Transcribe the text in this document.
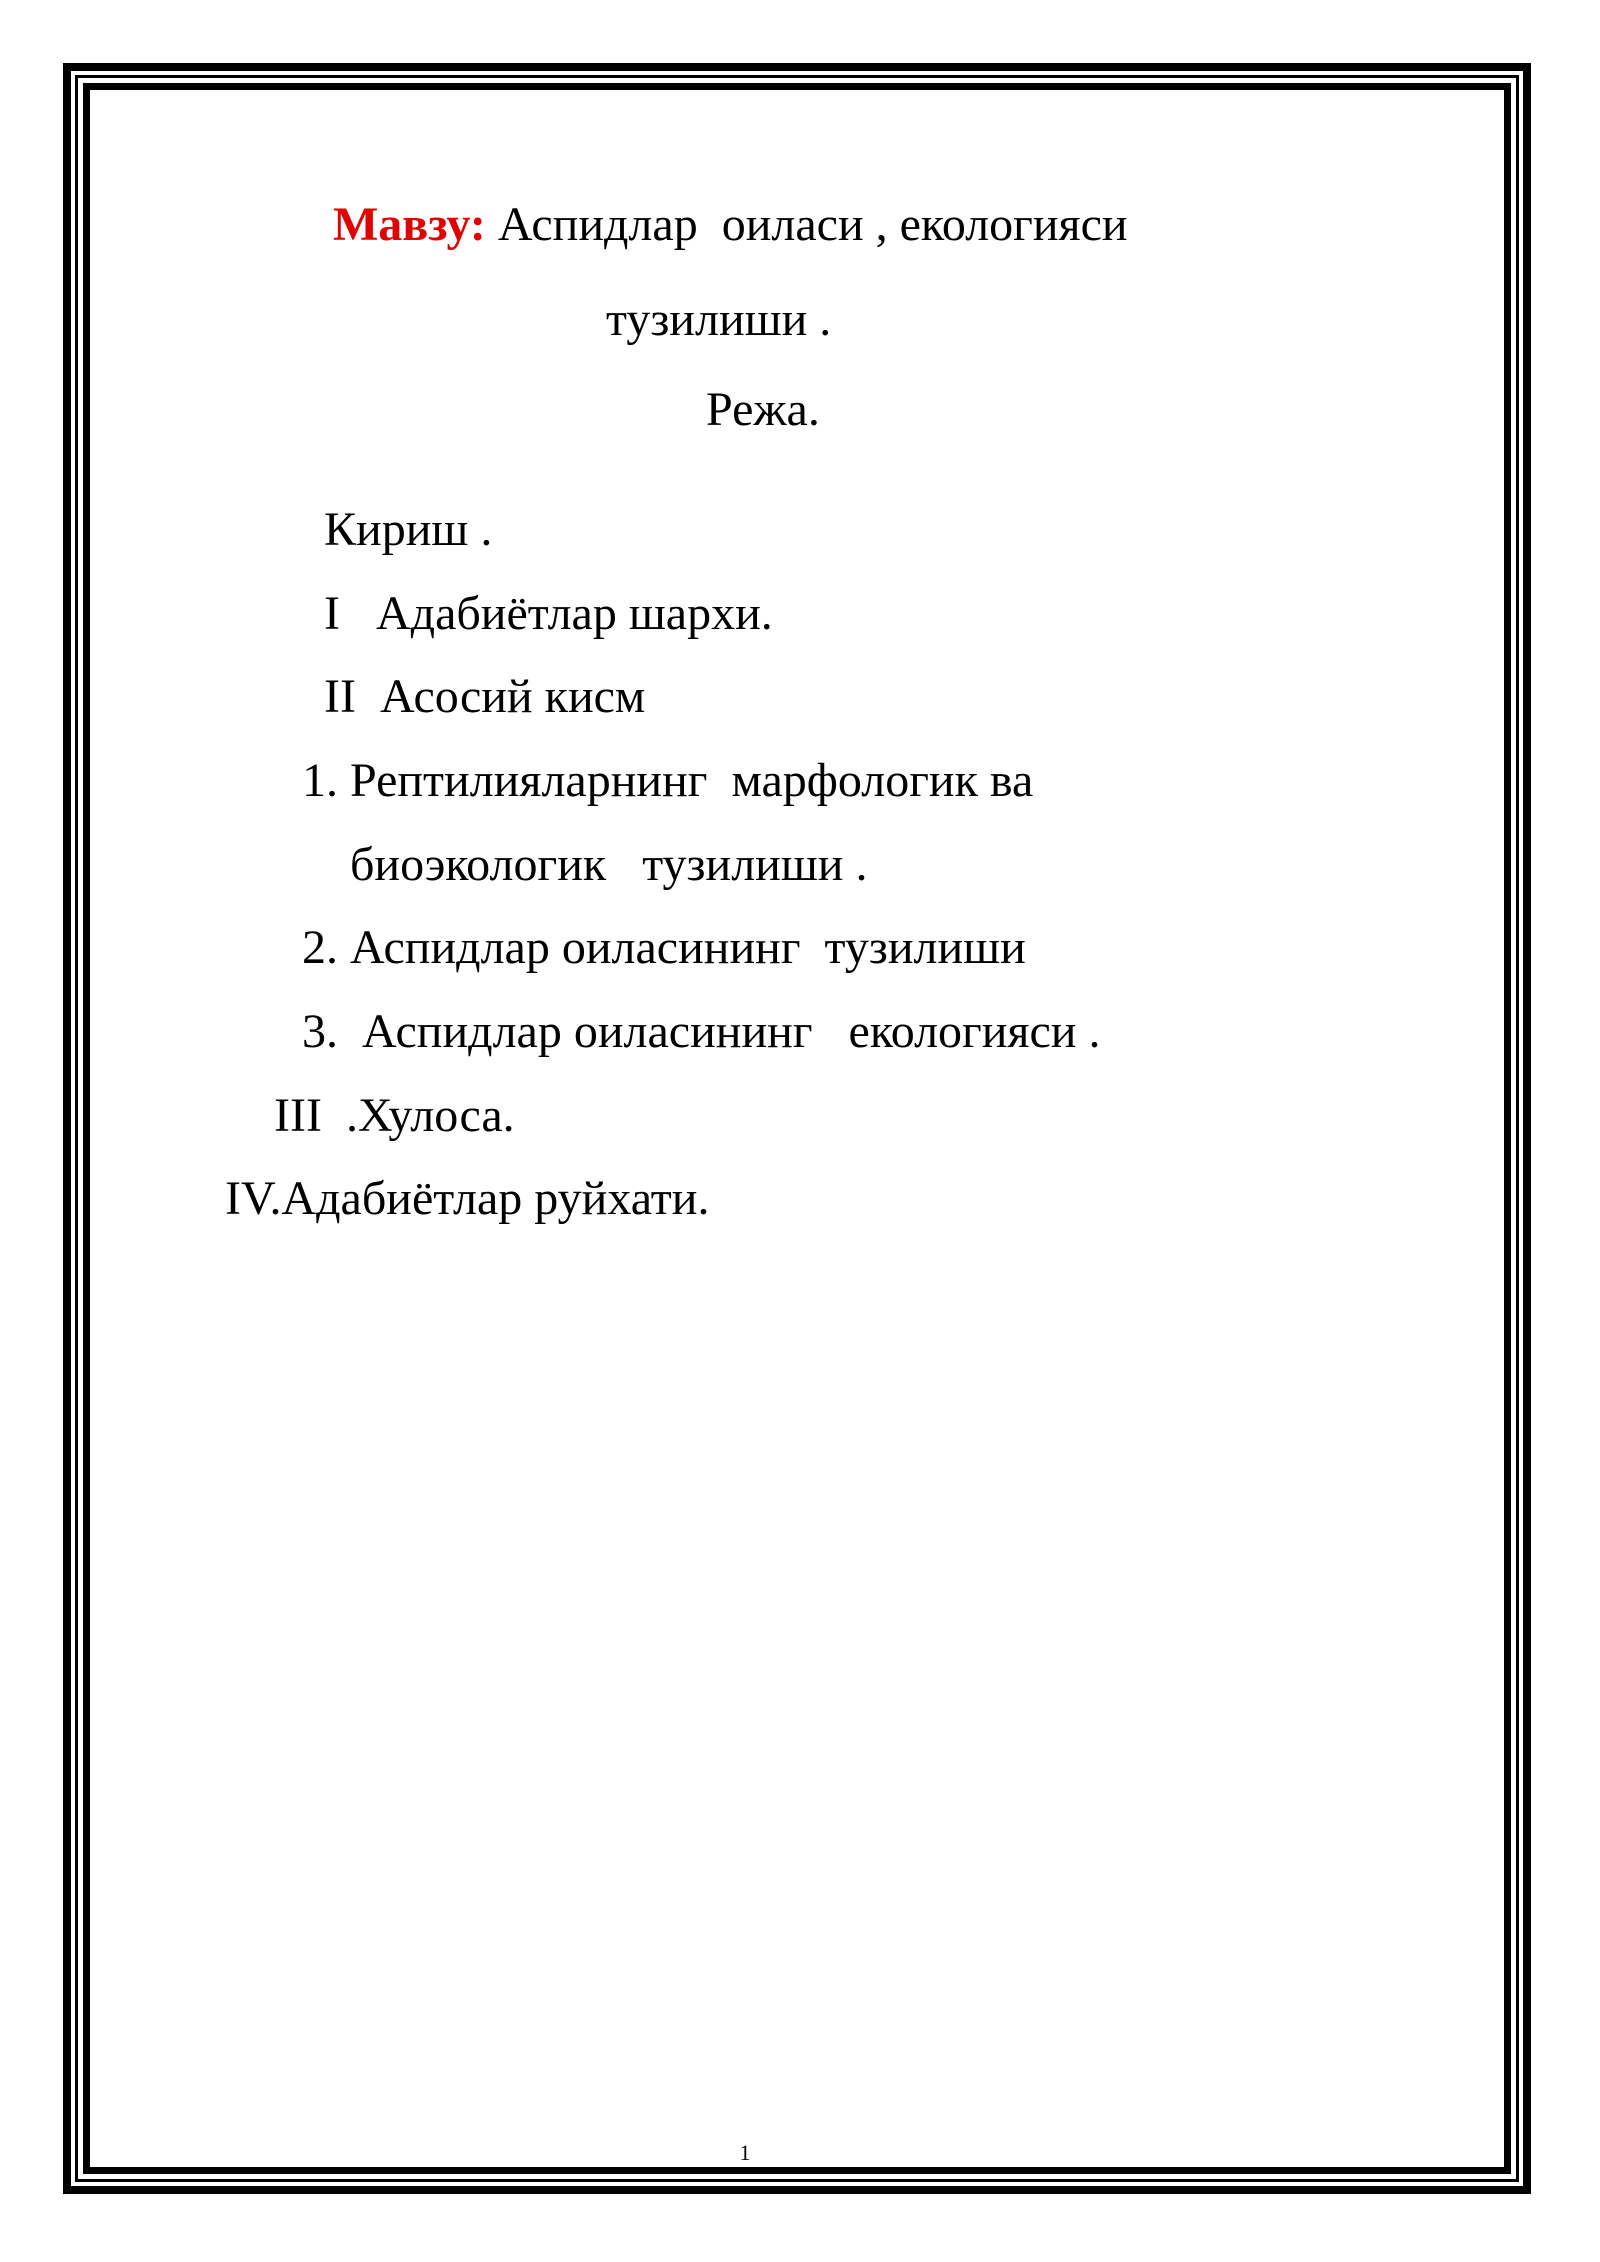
Мавзу: Аспидлар  оиласи , екологияси
тузилиши .
Режа.
Кириш .
I   Адабиётлар шархи.
II  Асосий кисм
1. Рептилияларнинг  марфологик ва
биоэкологик   тузилиши .
2. Аспидлар оиласининг  тузилиши
3.  Аспидлар оиласининг   екологияси .
III  .Хулоса.
IV.Адабиётлар руйхати.
1
